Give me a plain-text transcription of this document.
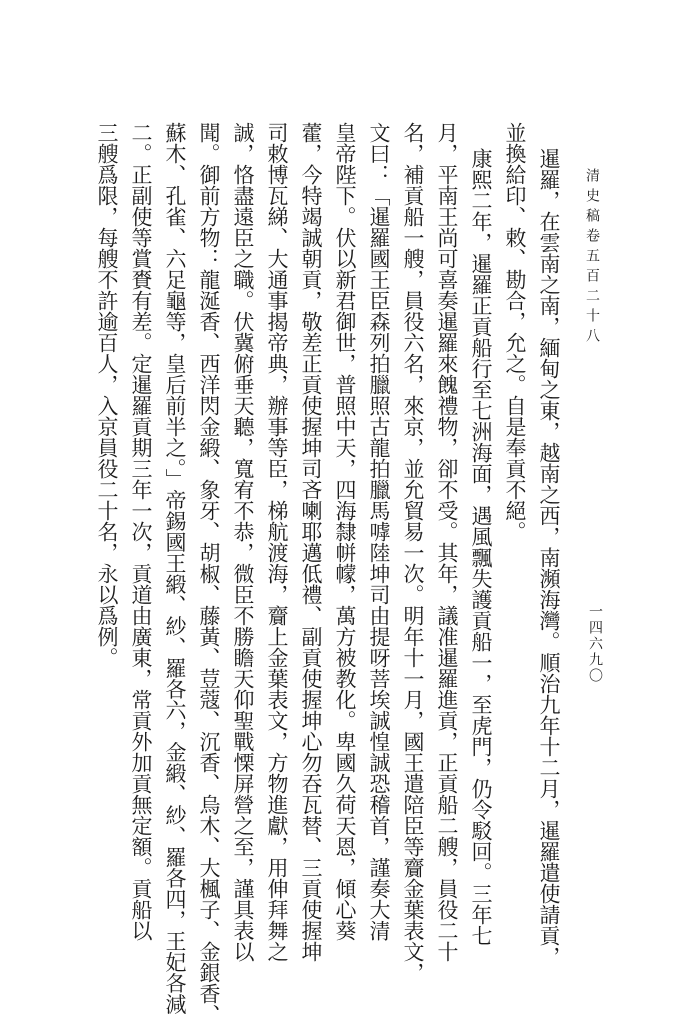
清史稿卷五百二十八
一四六九〇
暹羅，在雲南之南，緬甸之東，越南之西，南瀕海灣。順治九年十二月，暹羅遣使請貢，
並換給印、敕、勘合，允之。自是奉貢不絕。
康熙二年，暹羅正貢船行至七洲海面，遇風飄失護貢船一，至虎門，仍令駁回。三年七
月，平南王尚可喜奏暹羅來餽禮物，卻不受。其年，議准暹羅進貢，正貢船二艘，員役二十
名，補貢船一艘，員役六名，來京，並允貿易一次。明年十一月，國王遣陪臣等齎金葉表文，
文曰：「暹羅國王臣森列拍臘照古龍拍臘馬嘑陸坤司由提呀菩埃誠惶誠恐稽首，謹奏大清
皇帝陛下。伏以新君御世，普照中天，四海隸帡幪，萬方被教化。卑國久荷天恩，傾心葵
藿，今特竭誠朝貢，敬差正貢使握坤司吝喇耶邁低禮、副貢使握坤心勿吞瓦替、三貢使握坤
司敕博瓦綈、大通事揭帝典，辦事等臣，梯航渡海，齎上金葉表文，方物進獻，用伸拜舞之
誠，恪盡遠臣之職。伏冀俯垂天聽，寬宥不恭，微臣不勝瞻天仰聖戰慄屏營之至，謹具表以
聞。御前方物：龍涎香、西洋閃金緞、象牙、胡椒、藤黃、荳蔻、沉香、烏木、大楓子、金銀香、
蘇木、孔雀、六足龜等，皇后前半之。」帝錫國王緞、紗、羅各六，金緞、紗、羅各四，王妃各減
二。正副使等賞賚有差。定暹羅貢期三年一次，貢道由廣東，常貢外加貢無定額。貢船以
三艘爲限，每艘不許逾百人，入京員役二十名，永以爲例。
